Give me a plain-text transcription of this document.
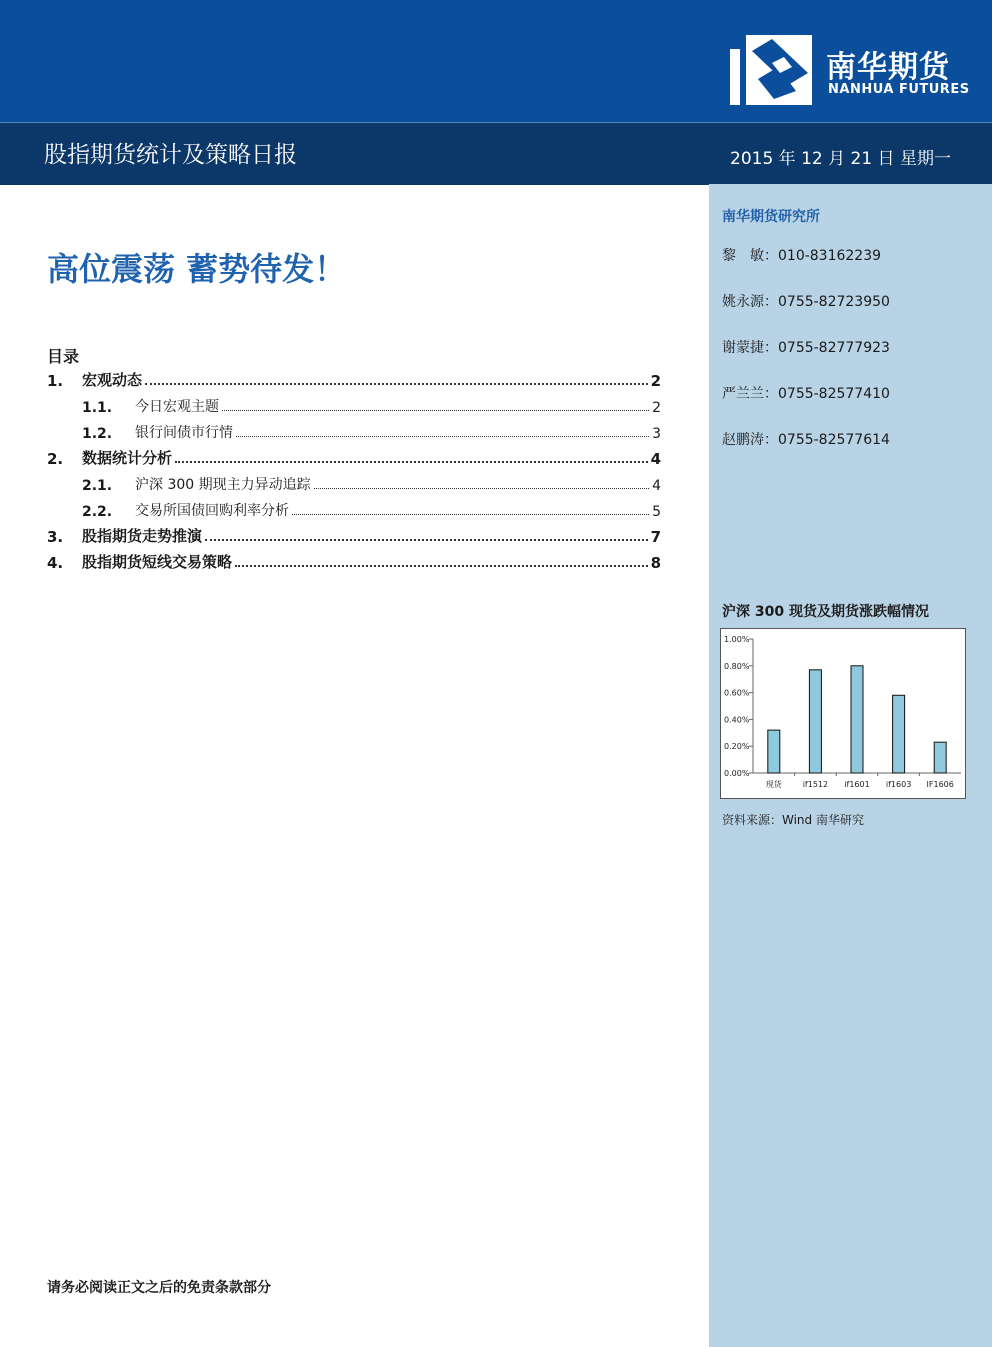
南华期货
NANHUA FUTURES
股指期货统计及策略日报	2015 年 12 月 21 日 星期一
南华期货研究所
黎　敏：010-83162239
姚永源：0755-82723950
谢蒙捷：0755-82777923
严兰兰：0755-82577410
赵鹏涛：0755-82577614
高位震荡 蓄势待发！
目录
1.	宏观动态	2
1.1.	今日宏观主题	2
1.2.	银行间债市行情	3
2.	数据统计分析	4
2.1.	沪深 300 期现主力异动追踪	4
2.2.	交易所国债回购利率分析	5
3.	股指期货走势推演	7
4.	股指期货短线交易策略	8
沪深 300 现货及期货涨跌幅情况
0.00%
0.20%
0.40%
0.60%
0.80%
1.00%
现货	if1512 if1601 if1603 IF1606
资料来源：Wind 南华研究
请务必阅读正文之后的免责条款部分
